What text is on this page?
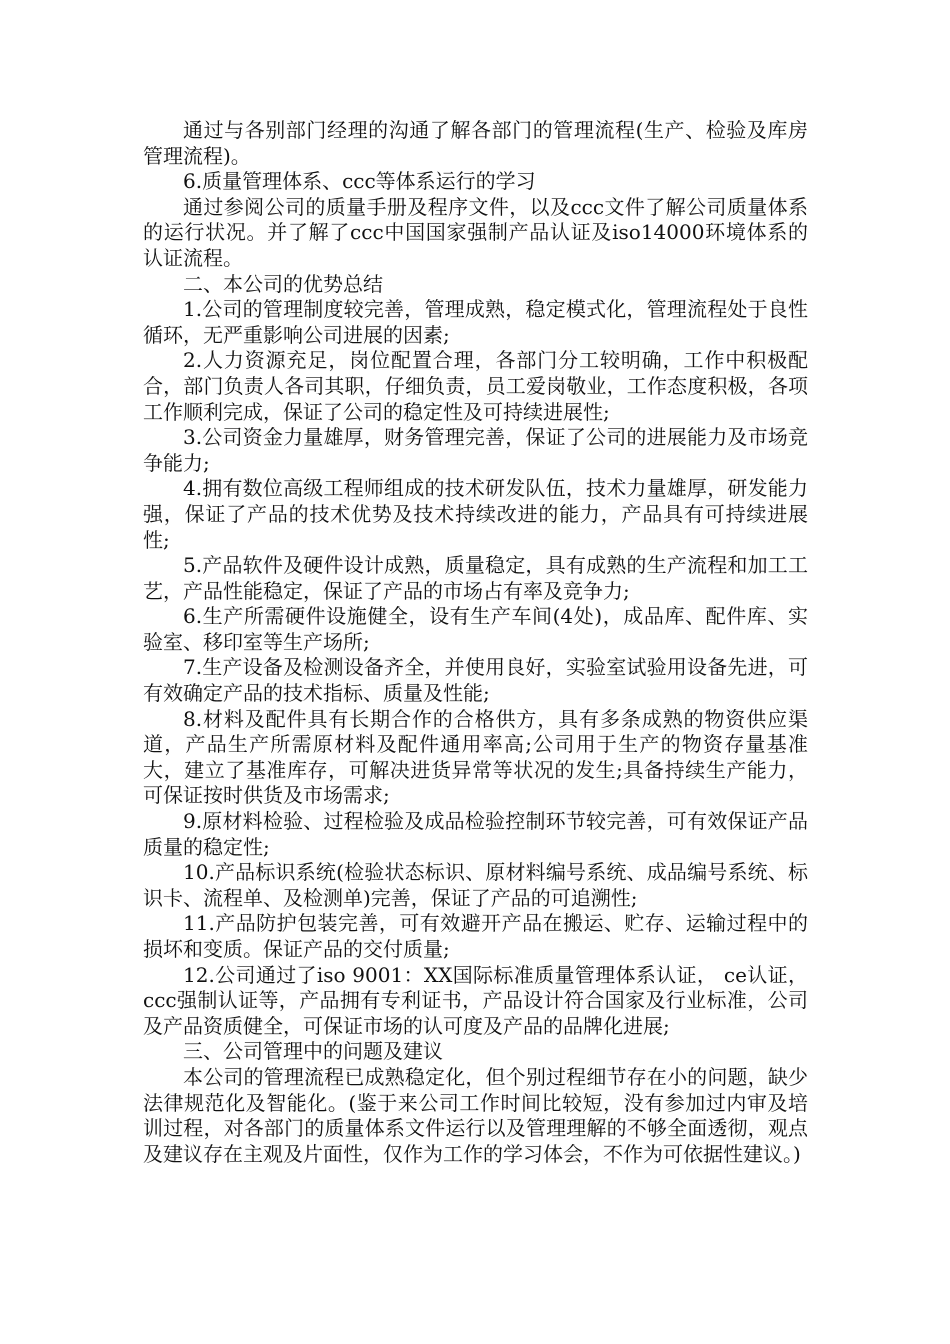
通过与各别部门经理的沟通了解各部门的管理流程(生产、检验及库房管理流程)。

6.质量管理体系、ccc等体系运行的学习

通过参阅公司的质量手册及程序文件，以及ccc文件了解公司质量体系的运行状况。并了解了ccc中国国家强制产品认证及iso14000环境体系的认证流程。

二、本公司的优势总结

1.公司的管理制度较完善，管理成熟，稳定模式化，管理流程处于良性循环，无严重影响公司进展的因素;

2.人力资源充足，岗位配置合理，各部门分工较明确，工作中积极配合，部门负责人各司其职，仔细负责，员工爱岗敬业，工作态度积极，各项工作顺利完成，保证了公司的稳定性及可持续进展性;

3.公司资金力量雄厚，财务管理完善，保证了公司的进展能力及市场竞争能力;

4.拥有数位高级工程师组成的技术研发队伍，技术力量雄厚，研发能力强，保证了产品的技术优势及技术持续改进的能力，产品具有可持续进展性;

5.产品软件及硬件设计成熟，质量稳定，具有成熟的生产流程和加工工艺，产品性能稳定，保证了产品的市场占有率及竞争力;

6.生产所需硬件设施健全，设有生产车间(4处)，成品库、配件库、实验室、移印室等生产场所;

7.生产设备及检测设备齐全，并使用良好，实验室试验用设备先进，可有效确定产品的技术指标、质量及性能;

8.材料及配件具有长期合作的合格供方，具有多条成熟的物资供应渠道，产品生产所需原材料及配件通用率高;公司用于生产的物资存量基准大，建立了基准库存，可解决进货异常等状况的发生;具备持续生产能力，可保证按时供货及市场需求;

9.原材料检验、过程检验及成品检验控制环节较完善，可有效保证产品质量的稳定性;

10.产品标识系统(检验状态标识、原材料编号系统、成品编号系统、标识卡、流程单、及检测单)完善，保证了产品的可追溯性;

11.产品防护包装完善，可有效避开产品在搬运、贮存、运输过程中的损坏和变质。保证产品的交付质量;

12.公司通过了iso 9001：XX国际标准质量管理体系认证， ce认证，ccc强制认证等，产品拥有专利证书，产品设计符合国家及行业标准，公司及产品资质健全，可保证市场的认可度及产品的品牌化进展;

三、公司管理中的问题及建议

本公司的管理流程已成熟稳定化，但个别过程细节存在小的问题，缺少法律规范化及智能化。(鉴于来公司工作时间比较短，没有参加过内审及培训过程，对各部门的质量体系文件运行以及管理理解的不够全面透彻，观点及建议存在主观及片面性，仅作为工作的学习体会，不作为可依据性建议。)
